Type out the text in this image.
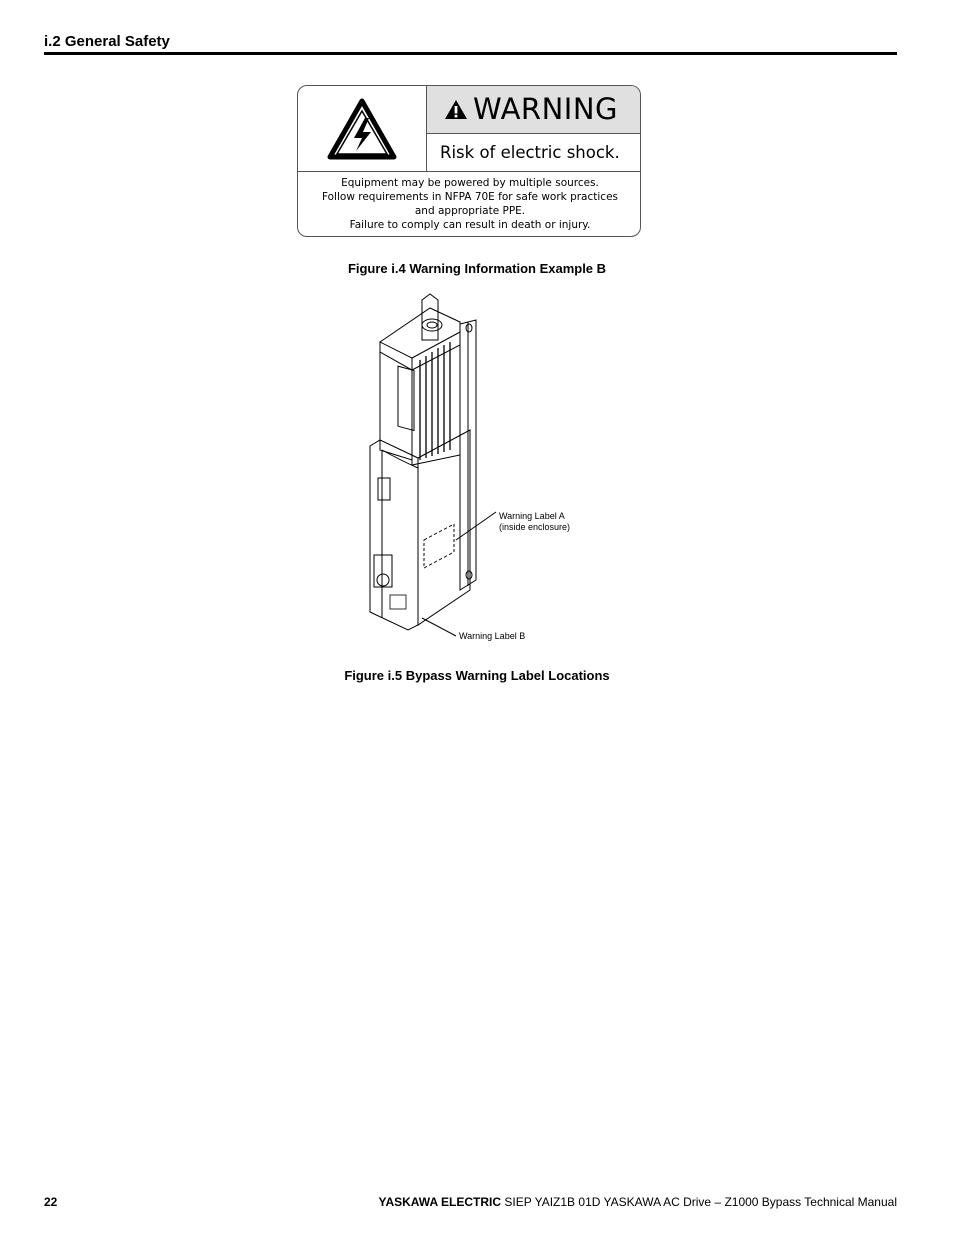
i.2 General Safety
WARNING
Risk of electric shock.
Equipment may be powered by multiple sources.
Follow requirements in NFPA 70E for safe work practices
and appropriate PPE.
Failure to comply can result in death or injury.
Figure i.4 Warning Information Example B
Warning Label A
(inside enclosure)
Warning Label B
Figure i.5 Bypass Warning Label Locations
22	YASKAWA ELECTRIC SIEP YAIZ1B 01D YASKAWA AC Drive – Z1000 Bypass Technical Manual
